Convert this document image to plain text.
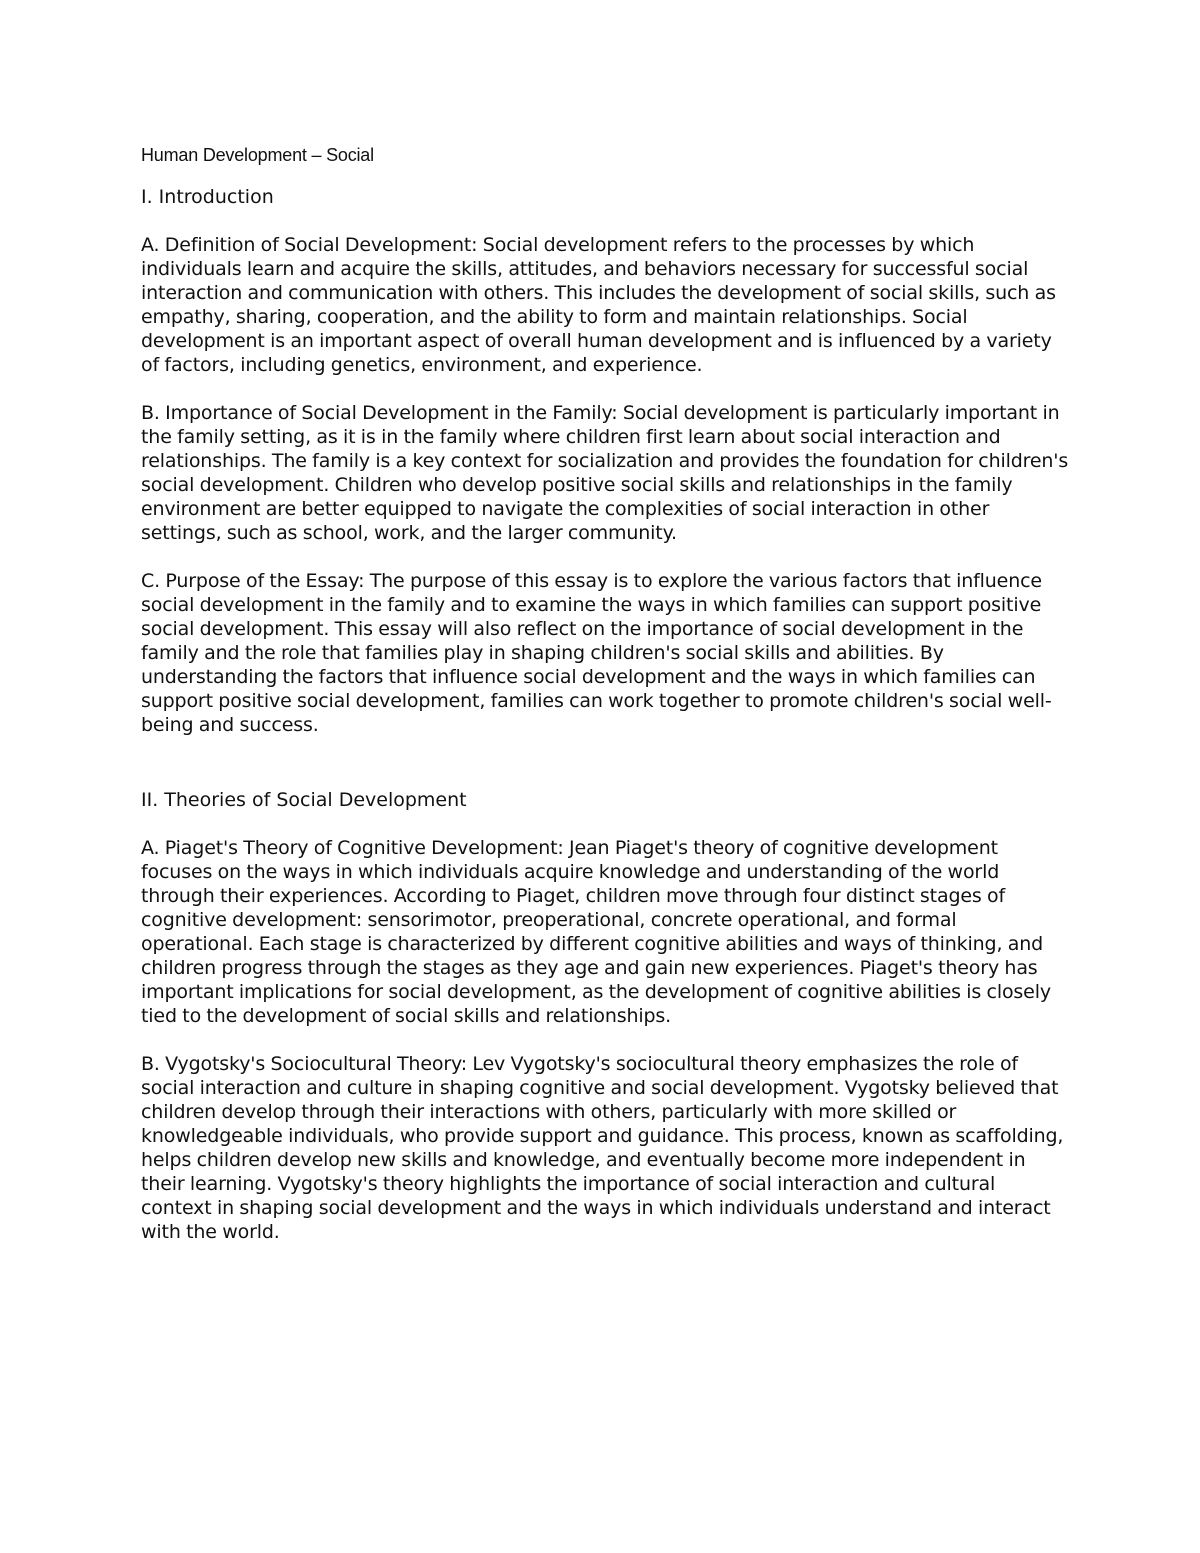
Human Development – Social
I. Introduction
A. Definition of Social Development: Social development refers to the processes by which individuals learn and acquire the skills, attitudes, and behaviors necessary for successful social interaction and communication with others. This includes the development of social skills, such as empathy, sharing, cooperation, and the ability to form and maintain relationships. Social development is an important aspect of overall human development and is influenced by a variety of factors, including genetics, environment, and experience.
B. Importance of Social Development in the Family: Social development is particularly important in the family setting, as it is in the family where children first learn about social interaction and relationships. The family is a key context for socialization and provides the foundation for children's social development. Children who develop positive social skills and relationships in the family environment are better equipped to navigate the complexities of social interaction in other settings, such as school, work, and the larger community.
C. Purpose of the Essay: The purpose of this essay is to explore the various factors that influence social development in the family and to examine the ways in which families can support positive social development. This essay will also reflect on the importance of social development in the family and the role that families play in shaping children's social skills and abilities. By understanding the factors that influence social development and the ways in which families can support positive social development, families can work together to promote children's social well-being and success.
II. Theories of Social Development
A. Piaget's Theory of Cognitive Development: Jean Piaget's theory of cognitive development focuses on the ways in which individuals acquire knowledge and understanding of the world through their experiences. According to Piaget, children move through four distinct stages of cognitive development: sensorimotor, preoperational, concrete operational, and formal operational. Each stage is characterized by different cognitive abilities and ways of thinking, and children progress through the stages as they age and gain new experiences. Piaget's theory has important implications for social development, as the development of cognitive abilities is closely tied to the development of social skills and relationships.
B. Vygotsky's Sociocultural Theory: Lev Vygotsky's sociocultural theory emphasizes the role of social interaction and culture in shaping cognitive and social development. Vygotsky believed that children develop through their interactions with others, particularly with more skilled or knowledgeable individuals, who provide support and guidance. This process, known as scaffolding, helps children develop new skills and knowledge, and eventually become more independent in their learning. Vygotsky's theory highlights the importance of social interaction and cultural context in shaping social development and the ways in which individuals understand and interact with the world.
